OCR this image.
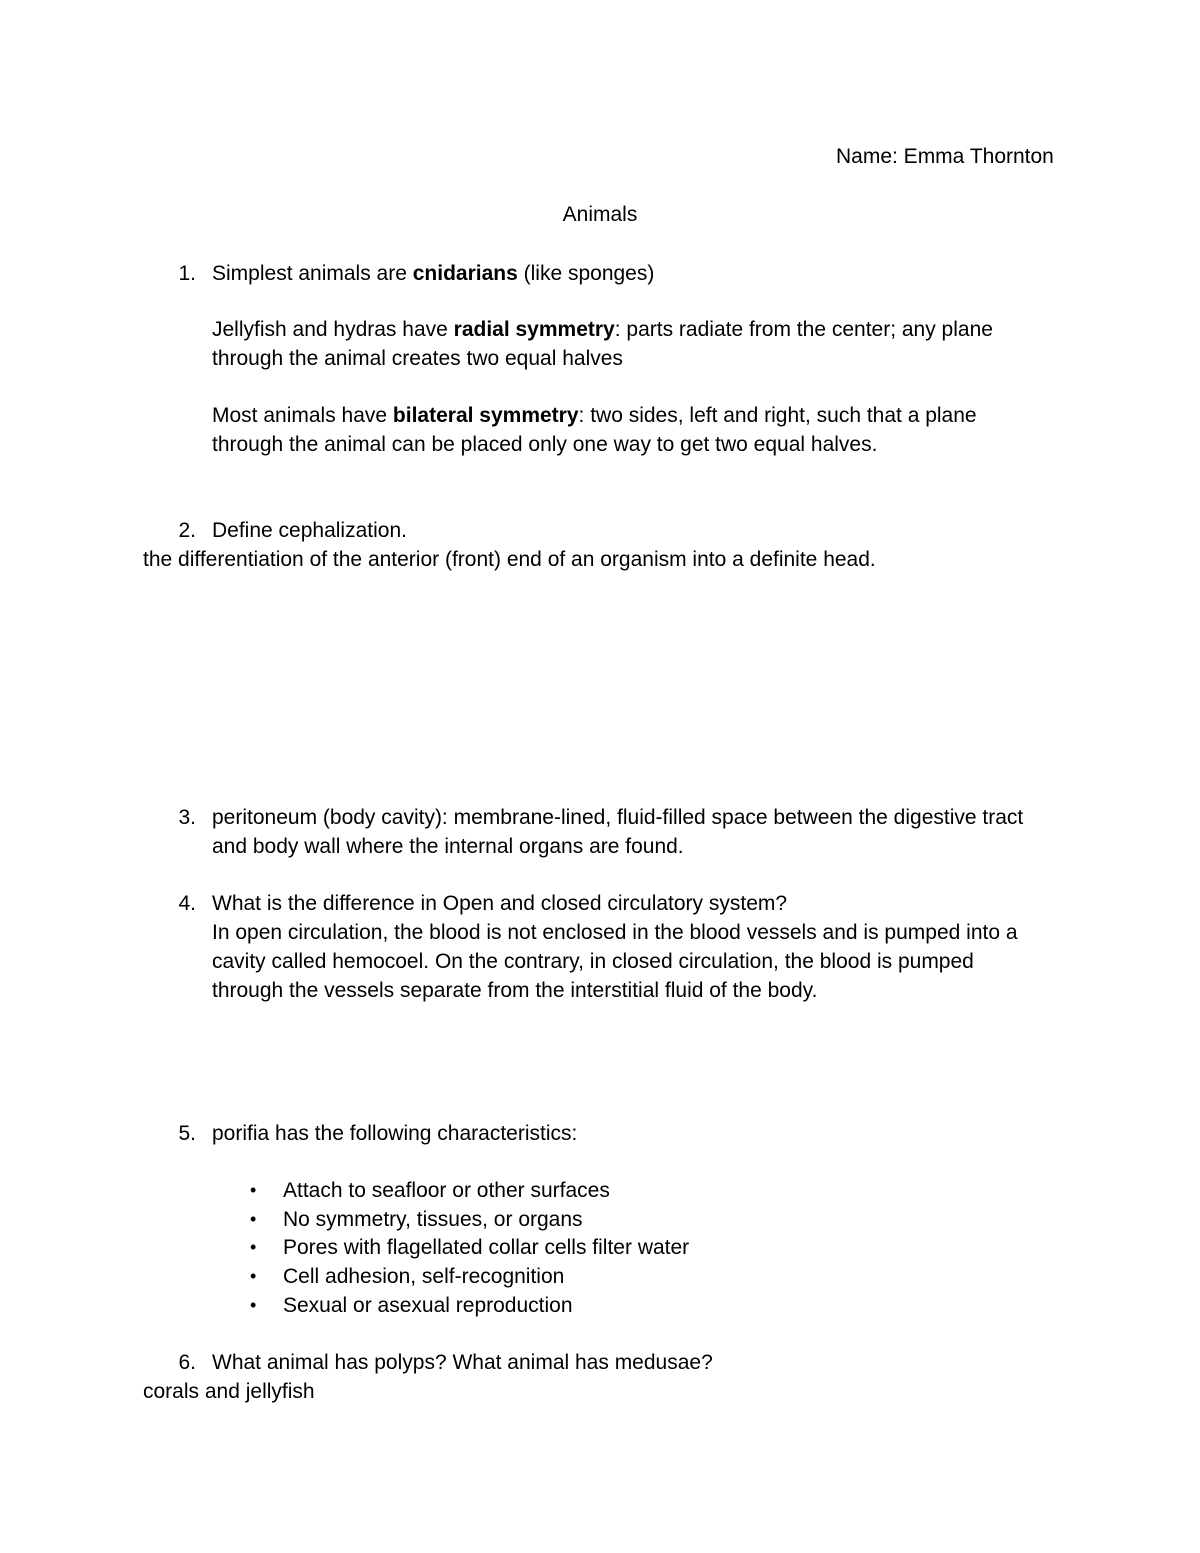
Name: Emma Thornton
Animals
1. Simplest animals are cnidarians (like sponges)
Jellyfish and hydras have radial symmetry: parts radiate from the center; any plane
through the animal creates two equal halves
Most animals have bilateral symmetry: two sides, left and right, such that a plane
through the animal can be placed only one way to get two equal halves.
2. Define cephalization.
the differentiation of the anterior (front) end of an organism into a definite head.
3. peritoneum (body cavity): membrane-lined, fluid-filled space between the digestive tract
and body wall where the internal organs are found.
4. What is the difference in Open and closed circulatory system?
In open circulation, the blood is not enclosed in the blood vessels and is pumped into a
cavity called hemocoel. On the contrary, in closed circulation, the blood is pumped
through the vessels separate from the interstitial fluid of the body.
5. porifia has the following characteristics:
• Attach to seafloor or other surfaces
• No symmetry, tissues, or organs
• Pores with flagellated collar cells filter water
• Cell adhesion, self-recognition
• Sexual or asexual reproduction
6. What animal has polyps? What animal has medusae?
corals and jellyfish
